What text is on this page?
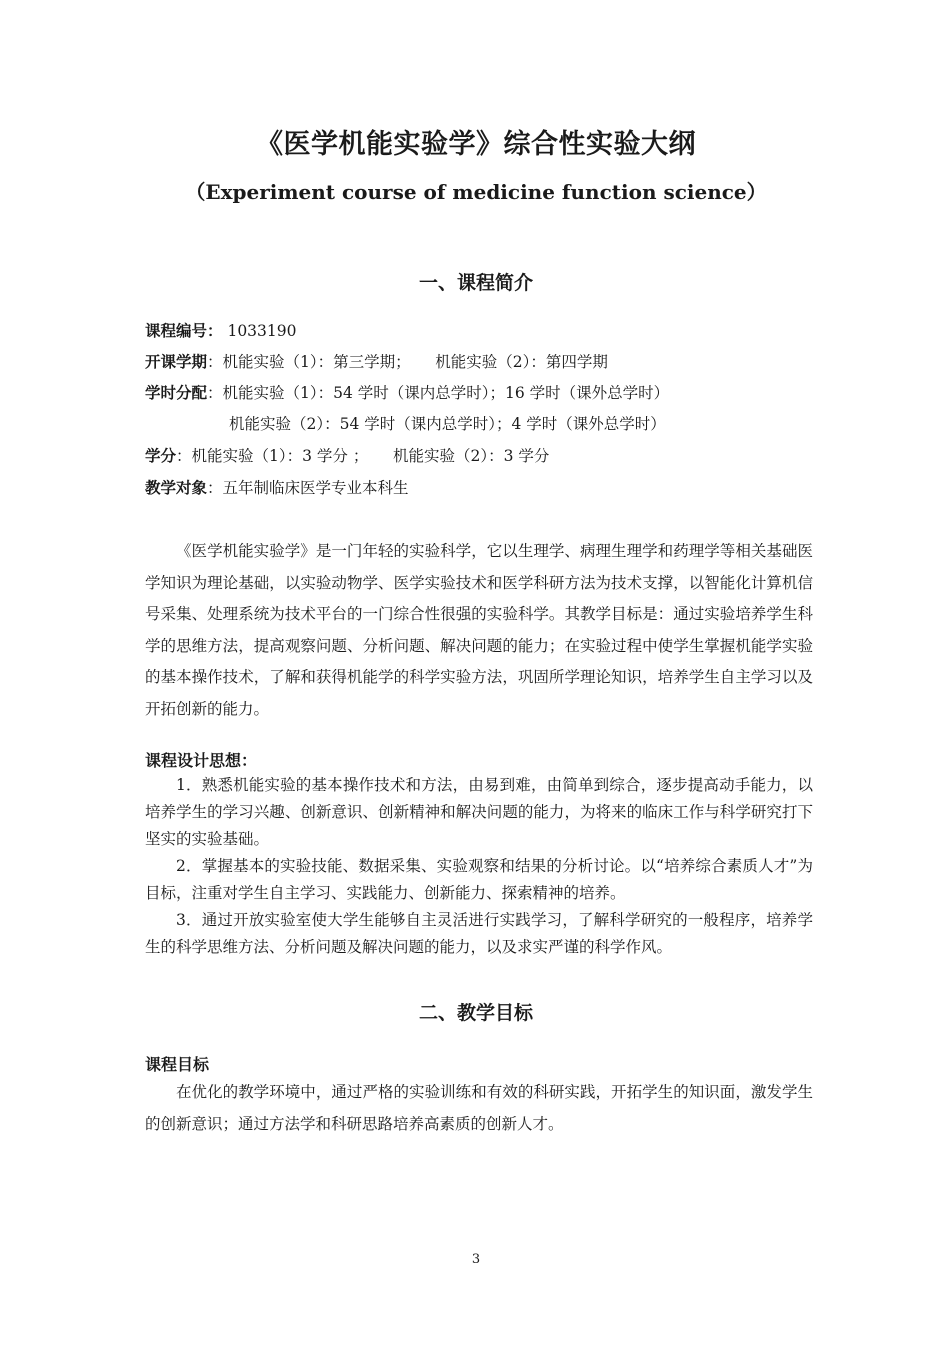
《医学机能实验学》综合性实验大纲
（Experiment course of medicine function science）
一、课程简介
课程编号： 1033190
开课学期：机能实验（1）：第三学期；     机能实验（2）：第四学期
学时分配：机能实验（1）：54 学时（课内总学时）；16 学时（课外总学时）
机能实验（2）：54 学时（课内总学时）；4 学时（课外总学时）
学分：机能实验（1）：3 学分 ；     机能实验（2）：3 学分
教学对象：五年制临床医学专业本科生
《医学机能实验学》是一门年轻的实验科学，它以生理学、病理生理学和药理学等相关基础医学知识为理论基础，以实验动物学、医学实验技术和医学科研方法为技术支撑，以智能化计算机信号采集、处理系统为技术平台的一门综合性很强的实验科学。其教学目标是：通过实验培养学生科学的思维方法，提高观察问题、分析问题、解决问题的能力；在实验过程中使学生掌握机能学实验的基本操作技术，了解和获得机能学的科学实验方法，巩固所学理论知识，培养学生自主学习以及开拓创新的能力。
课程设计思想：
1．熟悉机能实验的基本操作技术和方法，由易到难，由简单到综合，逐步提高动手能力，以培养学生的学习兴趣、创新意识、创新精神和解决问题的能力，为将来的临床工作与科学研究打下坚实的实验基础。
2．掌握基本的实验技能、数据采集、实验观察和结果的分析讨论。以“培养综合素质人才”为目标，注重对学生自主学习、实践能力、创新能力、探索精神的培养。
3．通过开放实验室使大学生能够自主灵活进行实践学习，了解科学研究的一般程序，培养学生的科学思维方法、分析问题及解决问题的能力，以及求实严谨的科学作风。
二、教学目标
课程目标
在优化的教学环境中，通过严格的实验训练和有效的科研实践，开拓学生的知识面，激发学生的创新意识；通过方法学和科研思路培养高素质的创新人才。
3
